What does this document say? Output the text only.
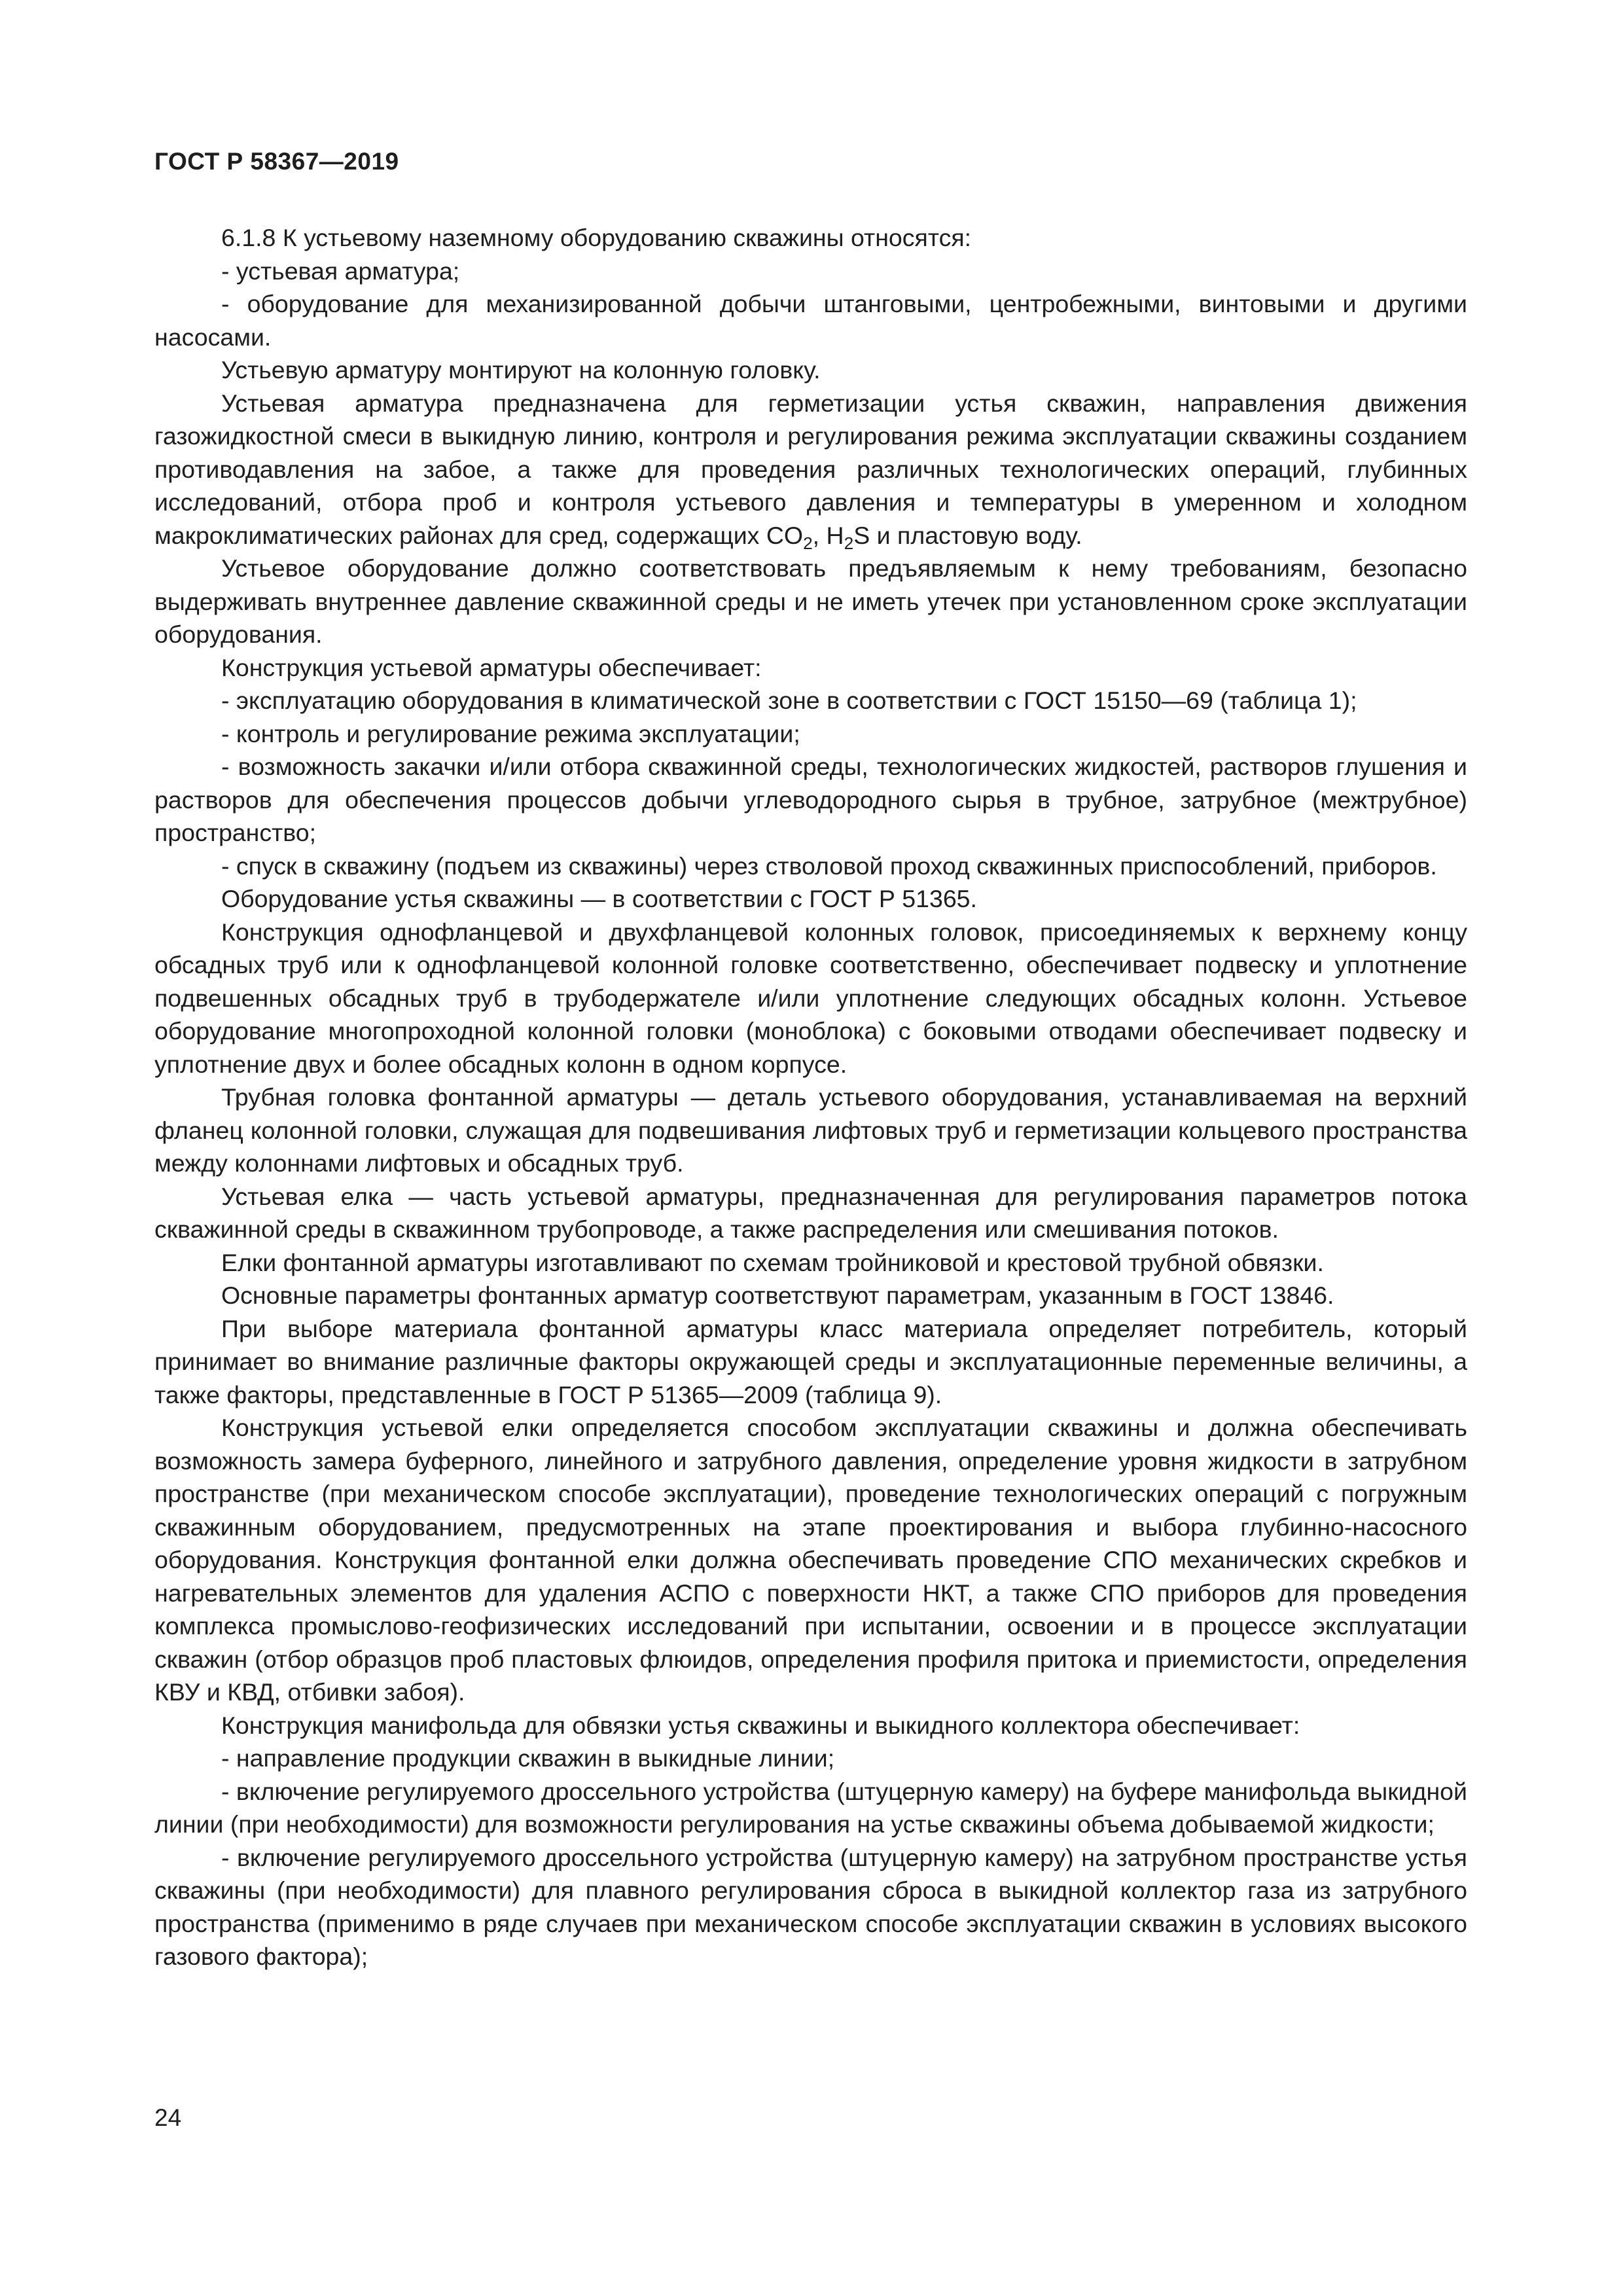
ГОСТ Р 58367—2019

6.1.8 К устьевому наземному оборудованию скважины относятся:

- устьевая арматура;

- оборудование для механизированной добычи штанговыми, центробежными, винтовыми и другими насосами.

Устьевую арматуру монтируют на колонную головку.

Устьевая арматура предназначена для герметизации устья скважин, направления движения газожидкостной смеси в выкидную линию, контроля и регулирования режима эксплуатации скважины созданием противодавления на забое, а также для проведения различных технологических операций, глубинных исследований, отбора проб и контроля устьевого давления и температуры в умеренном и холодном макроклиматических районах для сред, содержащих $CO_2$, $H_2S$ и пластовую воду.

Устьевое оборудование должно соответствовать предъявляемым к нему требованиям, безопасно выдерживать внутреннее давление скважинной среды и не иметь утечек при установленном сроке эксплуатации оборудования.

Конструкция устьевой арматуры обеспечивает:

- эксплуатацию оборудования в климатической зоне в соответствии с ГОСТ 15150—69 (таблица 1);

- контроль и регулирование режима эксплуатации;

- возможность закачки и/или отбора скважинной среды, технологических жидкостей, растворов глушения и растворов для обеспечения процессов добычи углеводородного сырья в трубное, затрубное (межтрубное) пространство;

- спуск в скважину (подъем из скважины) через стволовой проход скважинных приспособлений, приборов.

Оборудование устья скважины — в соответствии с ГОСТ Р 51365.

Конструкция однофланцевой и двухфланцевой колонных головок, присоединяемых к верхнему концу обсадных труб или к однофланцевой колонной головке соответственно, обеспечивает подвеску и уплотнение подвешенных обсадных труб в трубодержателе и/или уплотнение следующих обсадных колонн. Устьевое оборудование многопроходной колонной головки (моноблока) с боковыми отводами обеспечивает подвеску и уплотнение двух и более обсадных колонн в одном корпусе.

Трубная головка фонтанной арматуры — деталь устьевого оборудования, устанавливаемая на верхний фланец колонной головки, служащая для подвешивания лифтовых труб и герметизации кольцевого пространства между колоннами лифтовых и обсадных труб.

Устьевая елка — часть устьевой арматуры, предназначенная для регулирования параметров потока скважинной среды в скважинном трубопроводе, а также распределения или смешивания потоков.

Елки фонтанной арматуры изготавливают по схемам тройниковой и крестовой трубной обвязки.

Основные параметры фонтанных арматур соответствуют параметрам, указанным в ГОСТ 13846.

При выборе материала фонтанной арматуры класс материала определяет потребитель, который принимает во внимание различные факторы окружающей среды и эксплуатационные переменные величины, а также факторы, представленные в ГОСТ Р 51365—2009 (таблица 9).

Конструкция устьевой елки определяется способом эксплуатации скважины и должна обеспечивать возможность замера буферного, линейного и затрубного давления, определение уровня жидкости в затрубном пространстве (при механическом способе эксплуатации), проведение технологических операций с погружным скважинным оборудованием, предусмотренных на этапе проектирования и выбора глубинно-насосного оборудования. Конструкция фонтанной елки должна обеспечивать проведение СПО механических скребков и нагревательных элементов для удаления АСПО с поверхности НКТ, а также СПО приборов для проведения комплекса промыслово-геофизических исследований при испытании, освоении и в процессе эксплуатации скважин (отбор образцов проб пластовых флюидов, определения профиля притока и приемистости, определения КВУ и КВД, отбивки забоя).

Конструкция манифольда для обвязки устья скважины и выкидного коллектора обеспечивает:

- направление продукции скважин в выкидные линии;

- включение регулируемого дроссельного устройства (штуцерную камеру) на буфере манифольда выкидной линии (при необходимости) для возможности регулирования на устье скважины объема добываемой жидкости;

- включение регулируемого дроссельного устройства (штуцерную камеру) на затрубном пространстве устья скважины (при необходимости) для плавного регулирования сброса в выкидной коллектор газа из затрубного пространства (применимо в ряде случаев при механическом способе эксплуатации скважин в условиях высокого газового фактора);

24
